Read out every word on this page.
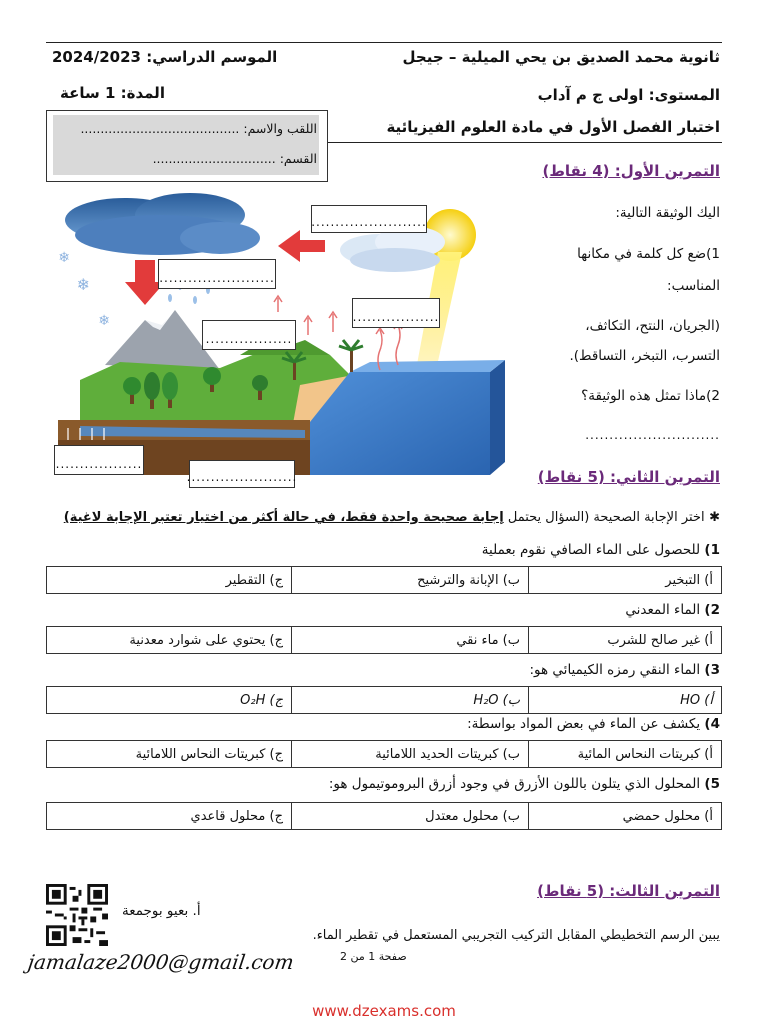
ثانوية محمد الصديق بن يحي الميلية – جيجل
الموسم الدراسي: 2024/2023
المستوى: اولى ج م آداب
المدة: 1 ساعة
اختبار الفصل الأول في مادة العلوم الفيزيائية
اللقب والاسم: ........................................
القسم: ...............................
التمرين الأول: (4 نقاط)
اليك الوثيقة التالية:
1)ضع كل كلمة في مكانها
المناسب:
(الجريان، النتح، التكاثف،
التسرب، التبخر، التساقط).
2)ماذا تمثل هذه الوثيقة؟
............................
❄
❄
❄
........................
........................
..................
..................
..................
.......................	التمرين الثاني: (5 نقاط)
✱ اختر الإجابة الصحيحة (السؤال يحتمل إجابة صحيحة واحدة فقط، في حالة أكثر من اختيار تعتبر الإجابة لاغية)
1) للحصول على الماء الصافي نقوم بعملية
أ) التبخير	ب) الإبانة والترشيح	ج) التقطير
2) الماء المعدني
أ) غير صالح للشرب	ب) ماء نقي	ج) يحتوي على شوارد معدنية
3) الماء النقي رمزه الكيميائي هو:
أ) HO	ب) H₂O	ج) O₂H
4) يكشف عن الماء في بعض المواد بواسطة:
أ) كبريتات النحاس المائية	ب) كبريتات الحديد اللامائية	ج) كبريتات النحاس اللامائية
5) المحلول الذي يتلون باللون الأزرق في وجود أزرق البروموتيمول هو:
أ) محلول حمضي	ب) محلول معتدل	ج) محلول قاعدي
التمرين الثالث: (5 نقاط)
يبين الرسم التخطيطي المقابل التركيب التجريبي المستعمل في تقطير الماء.
أ. بعيو بوجمعة
jamalaze2000@gmail.com	صفحة 1 من 2
www.dzexams.com
